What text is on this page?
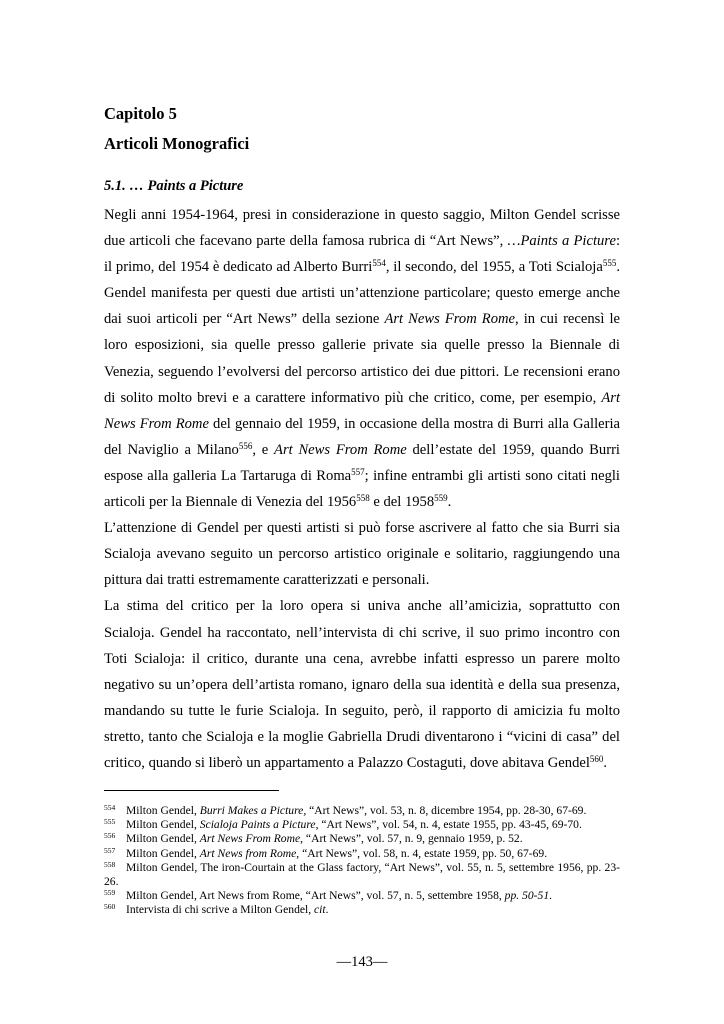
Capitolo 5
Articoli Monografici
5.1. … Paints a Picture

Negli anni 1954-1964, presi in considerazione in questo saggio, Milton Gendel scrisse due articoli che facevano parte della famosa rubrica di “Art News”, …Paints a Picture: il primo, del 1954 è dedicato ad Alberto Burri$^{554}$, il secondo, del 1955, a Toti Scialoja$^{555}$. Gendel manifesta per questi due artisti un’attenzione particolare; questo emerge anche dai suoi articoli per “Art News” della sezione Art News From Rome, in cui recensì le loro esposizioni, sia quelle presso gallerie private sia quelle presso la Biennale di Venezia, seguendo l’evolversi del percorso artistico dei due pittori. Le recensioni erano di solito molto brevi e a carattere informativo più che critico, come, per esempio, Art News From Rome del gennaio del 1959, in occasione della mostra di Burri alla Galleria del Naviglio a Milano$^{556}$, e Art News From Rome dell’estate del 1959, quando Burri espose alla galleria La Tartaruga di Roma$^{557}$; infine entrambi gli artisti sono citati negli articoli per la Biennale di Venezia del 1956$^{558}$ e del 1958$^{559}$.

L’attenzione di Gendel per questi artisti si può forse ascrivere al fatto che sia Burri sia Scialoja avevano seguito un percorso artistico originale e solitario, raggiungendo una pittura dai tratti estremamente caratterizzati e personali.

La stima del critico per la loro opera si univa anche all’amicizia, soprattutto con Scialoja. Gendel ha raccontato, nell’intervista di chi scrive, il suo primo incontro con Toti Scialoja: il critico, durante una cena, avrebbe infatti espresso un parere molto negativo su un’opera dell’artista romano, ignaro della sua identità e della sua presenza, mandando su tutte le furie Scialoja. In seguito, però, il rapporto di amicizia fu molto stretto, tanto che Scialoja e la moglie Gabriella Drudi diventarono i “vicini di casa” del critico, quando si liberò un appartamento a Palazzo Costaguti, dove abitava Gendel$^{560}$.

554 Milton Gendel, Burri Makes a Picture, “Art News”, vol. 53, n. 8, dicembre 1954, pp. 28-30, 67-69.

555 Milton Gendel, Scialoja Paints a Picture, “Art News”, vol. 54, n. 4, estate 1955, pp. 43-45, 69-70.

556 Milton Gendel, Art News From Rome, “Art News”, vol. 57, n. 9, gennaio 1959, p. 52.

557 Milton Gendel, Art News from Rome, “Art News”, vol. 58, n. 4, estate 1959, pp. 50, 67-69.

558 Milton Gendel, The iron-Courtain at the Glass factory, “Art News”, vol. 55, n. 5, settembre 1956, pp. 23-26.

559 Milton Gendel, Art News from Rome, “Art News”, vol. 57, n. 5, settembre 1958, pp. 50-51.

560 Intervista di chi scrive a Milton Gendel, cit.

—143—
